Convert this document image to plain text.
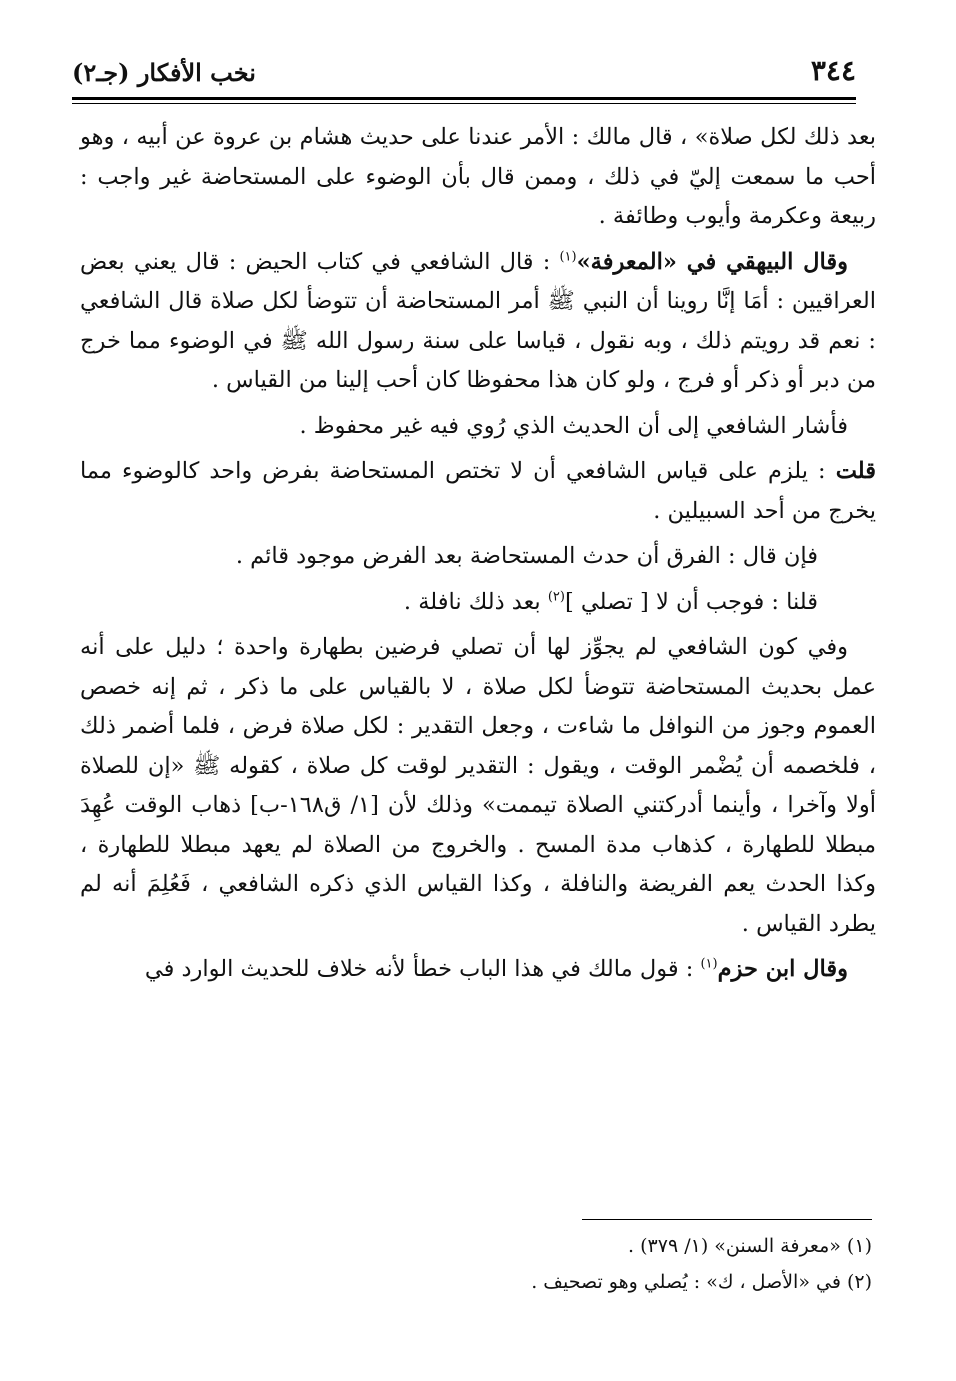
٣٤٤
نخب الأفكار (جـ٢)

بعد ذلك لكل صلاة» ، قال مالك : الأمر عندنا على حديث هشام بن عروة عن أبيه ، وهو أحب ما سمعت إليّ في ذلك ، وممن قال بأن الوضوء على المستحاضة غير واجب : ربيعة وعكرمة وأيوب وطائفة .

وقال البيهقي في «المعرفة»$^{(١)}$ : قال الشافعي في كتاب الحيض : قال يعني بعض العراقيين : أمَا إنَّا روينا أن النبي ﷺ أمر المستحاضة أن تتوضأ لكل صلاة قال الشافعي : نعم قد رويتم ذلك ، وبه نقول ، قياسا على سنة رسول الله ﷺ في الوضوء مما خرج من دبر أو ذكر أو فرج ، ولو كان هذا محفوظا كان أحب إلينا من القياس .

فأشار الشافعي إلى أن الحديث الذي رُوي فيه غير محفوظ .

قلت : يلزم على قياس الشافعي أن لا تختص المستحاضة بفرض واحد كالوضوء مما يخرج من أحد السبيلين .

فإن قال : الفرق أن حدث المستحاضة بعد الفرض موجود قائم .

قلنا : فوجب أن لا [ تصلي ]$^{(٢)}$ بعد ذلك نافلة .

وفي كون الشافعي لم يجوِّز لها أن تصلي فرضين بطهارة واحدة ؛ دليل على أنه عمل بحديث المستحاضة تتوضأ لكل صلاة ، لا بالقياس على ما ذكر ، ثم إنه خصص العموم وجوز من النوافل ما شاءت ، وجعل التقدير : لكل صلاة فرض ، فلما أضمر ذلك ، فلخصمه أن يُضْمر الوقت ، ويقول : التقدير لوقت كل صلاة ، كقوله ﷺ «إن للصلاة أولا وآخرا ، وأينما أدركتني الصلاة تيممت» وذلك لأن [١/ ق١٦٨-ب] ذهاب الوقت عُهِدَ مبطلا للطهارة ، كذهاب مدة المسح . والخروج من الصلاة لم يعهد مبطلا للطهارة ، وكذا الحدث يعم الفريضة والنافلة ، وكذا القياس الذي ذكره الشافعي ، فَعُلِمَ أنه لم يطرد القياس .

وقال ابن حزم$^{(١)}$ : قول مالك في هذا الباب خطأ لأنه خلاف للحديث الوارد في

(١) «معرفة السنن» (١/ ٣٧٩) .

(٢) في «الأصل ، ك» : يُصلي وهو تصحيف .
